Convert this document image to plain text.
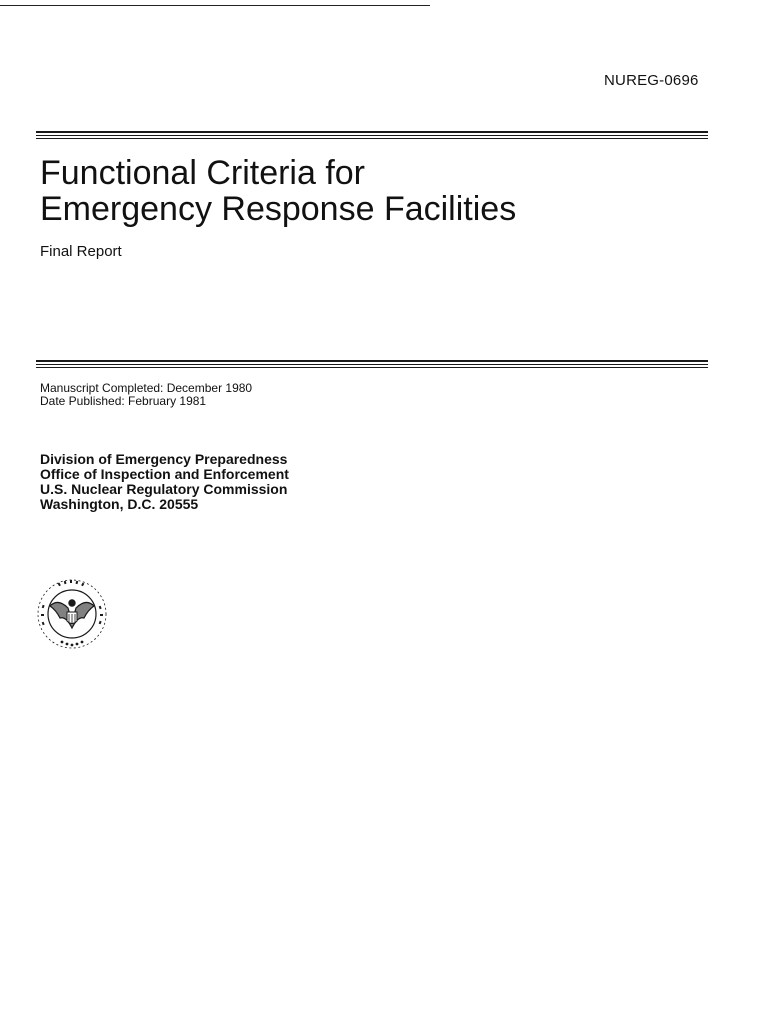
NUREG-0696
Functional Criteria for
Emergency Response Facilities
Final Report
Manuscript Completed: December 1980
Date Published: February 1981
Division of Emergency Preparedness
Office of Inspection and Enforcement
U.S. Nuclear Regulatory Commission
Washington, D.C. 20555
